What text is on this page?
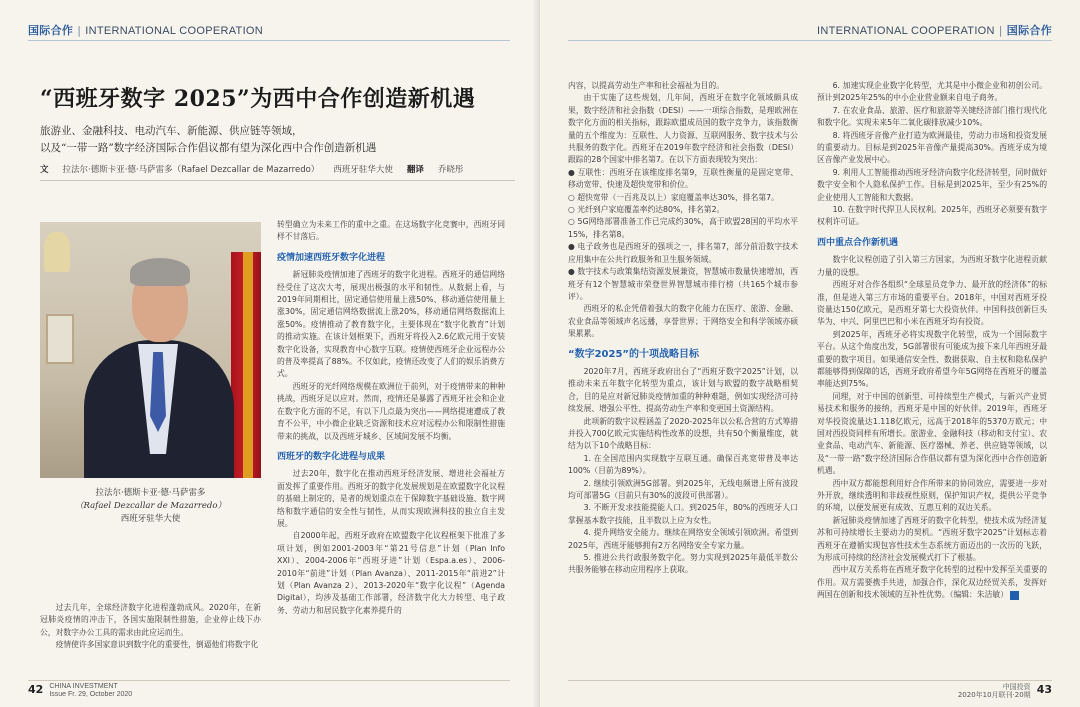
国际合作 | INTERNATIONAL COOPERATION
“西班牙数字 2025”为西中合作创造新机遇
旅游业、金融科技、电动汽车、新能源、供应链等领域，
以及“一带一路”数字经济国际合作倡议都有望为深化西中合作创造新机遇
文 拉法尔·德斯卡亚·德·马萨雷多（Rafael Dezcallar de Mazarredo） 西班牙驻华大使 翻译 乔晓彤
拉法尔·德斯卡亚·德·马萨雷多
（Rafael Dezcallar de Mazarredo）
西班牙驻华大使

过去几年，全球经济数字化进程蓬勃成风。2020年，在新冠肺炎疫情的冲击下，各国实施限制性措施，企业停止线下办公，对数字办公工具的需求由此应运而生。

疫情使许多国家意识到数字化的重要性，倒逼他们将数字化

转型确立为未来工作的重中之重。在这场数字化竞赛中，西班牙同样不甘落后。

疫情加速西班牙数字化进程

新冠肺炎疫情加速了西班牙的数字化进程。西班牙的通信网络经受住了这次大考，展现出极强的水平和韧性。从数据上看，与2019年同期相比，固定通信使用量上涨50%、移动通信使用量上涨30%，固定通信网络数据流上涨20%，移动通信网络数据流上涨50%。疫情推动了教育数字化，主要体现在“数字化教育”计划的推动实施。在该计划框架下，西班牙将投入2.6亿欧元用于安装数字化设备，实现教育中心数字互联。疫情使西班牙企业远程办公的普及率提高了88%。不仅如此，疫情还改变了人们的娱乐消费方式。

西班牙的光纤网络规模在欧洲位于前列，对于疫情带来的种种挑战，西班牙足以应对。然而，疫情还是暴露了西班牙社会和企业在数字化方面的不足，有以下几点最为突出——网络提速遭成了教育不公平，中小微企业缺乏资源和技术应对远程办公和限制性措施带来的挑战，以及西班牙城乡、区域间发展不均衡。

西班牙的数字化进程与成果

过去20年，数字化在推动西班牙经济发展、增进社会福祉方面发挥了重要作用。西班牙的数字化发展规划是在欧盟数字化议程的基础上制定的，是者的规划重点在于保障数字基础设施、数字网络和数字通信的安全性与韧性，从而实现欧洲科技的独立自主发展。

自2000年起，西班牙政府在欧盟数字化议程框架下批准了多项计划，例如2001-2003年“第21号信息”计划（Plan Info XXI）、2004-2006年“西班牙进”计划（Espa.a.es）、2006-2010年“前进”计划（Plan Avanza）、2011-2015年“前进2”计划（Plan Avanza 2）、2013-2020年“数字化议程”（Agenda Digital），均涉及基础工作部署，经济数字化大力转型、电子政务、劳动力和居民数字化素养提升的

42 CHINA INVESTMENT
Issue Fr. 29, October 2020
INTERNATIONAL COOPERATION | 国际合作

内容，以提高劳动生产率和社会福祉为目的。

由于实施了这些规划，几年间，西班牙在数字化领域颇具成果，数字经济和社会指数（DESI）——一项综合指数，是理欧洲在数字化方面的相关指标，跟踪欧盟成员国的数字竞争力，该指数衡量的五个维度为：互联性、人力资源、互联网服务、数字技术与公共服务的数字化。西班牙在2019年数字经济和社会指数（DESI）跟踪的28个国家中排名第7。在以下方面表现较为突出：

● 互联性：西班牙在该维度排名第9，互联性衡量的是固定宽带、移动宽带、快速及超快宽带和价位。

○ 超快宽带（一百兆及以上）家庭覆盖率达30%，排名第7。

○ 光纤到户家庭覆盖率约达80%，排名第2。

○ 5G网络部署准备工作已完成约30%，高于欧盟28国的平均水平15%，排名第8。

● 电子政务也是西班牙的强项之一，排名第7，部分前沿数字技术应用集中在公共行政服务和卫生服务领域。

● 数字技术与政策集结资源发展兼资，智慧城市数量快速增加，西班牙有12个智慧城市荣登世界智慧城市排行榜（共165个城市参评）。

西班牙的私企凭借着强大的数字化能力在医疗、旅游、金融、农业食品等领域声名远播，享誉世界；于网络安全和科学领域亦硕果累累。

“数字2025”的十项战略目标

2020年7月，西班牙政府出台了“西班牙数字2025”计划，以推动未来五年数字化转型为重点，该计划与欧盟的数字战略相契合，目的是应对新冠肺炎疫情加重的种种难题，例如实现经济可持续发展、增强公平性、提高劳动生产率和变更国土资源结构。

此项新的数字议程涵盖了2020-2025年以公私合营的方式筹措并投入700亿欧元实施结构性改革的设想，共有50个衡量维度，就结为以下10个战略目标：

1. 在全国范围内实现数字互联互通。确保百兆宽带普及率达100%（目前为89%）。

2. 继续引领欧洲5G部署。到2025年，无线电频谱上所有波段均可部署5G（目前只有30%的波段可供部署）。

3. 不断开发求技能提能人口。到2025年，80%的西班牙人口掌握基本数字技能，且半数以上应为女性。

4. 提升网络安全能力。继续在网络安全领域引领欧洲。希望到2025年，西班牙能够拥有2万名网络安全专家力量。

5. 推进公共行政服务数字化。努力实现到2025年最低半数公共服务能够在移动应用程序上获取。

6. 加速实现企业数字化转型，尤其是中小微企业和初创公司。预计到2025年25%的中小企业营业额来自电子商务。

7. 在农业食品、旅游、医疗和旅游等关键经济部门推行现代化和数字化。实现未来5年二氧化碳排放减少10%。

8. 将西班牙音像产业打造为欧洲最佳，劳动力市场和投资发展的重要动力。目标是到2025年音像产量提高30%。西班牙成为境区音像产业发展中心。

9. 利用人工智能推动西班牙经济向数字化经济转型，同时做好数字安全和个人隐私保护工作。目标是到2025年，至少有25%的企业使用人工智能和大数据。

10. 在数字时代捍卫人民权利。2025年，西班牙必须要有数字权利许可证。

西中重点合作新机遇

数字化议程创造了引入第三方国家，为西班牙数字化进程贡献力量的设想。

西班牙对合作各组织“全球星员竞争力、最开放的经济体”的标准，但是进入第三方市场的重要平台。2018年，中国对西班牙投资量达150亿欧元，是西班牙第七大投资伙伴。中国科技创新巨头华为、中兴、阿里巴巴和小米在西班牙均有投资。

到2025年，西班牙必将实现数字化转型，成为一个国际数字平台。从这个角度出发，5G部署很有可能成为接下来几年西班牙最重要的数字项目。如果通信安全性、数据获取、自主权和隐私保护都能够得到保障的话，西班牙政府希望今年5G网络在西班牙的覆盖率能达到75%。

同理，对于中国的创新型、可持续型生产模式，与新兴产业贸易技术和服务的接纳，西班牙是中国的好伙伴。2019年，西班牙对华投资流量达1.118亿欧元，远高于2018年的5370万欧元；中国对西投资同样有所增长。旅游业、金融科技（移动和支付宝）、农业食品、电动汽车、新能源、医疗器械、养老、供应链等领域，以及“一带一路”数字经济国际合作倡议都有望为深化西中合作创造新机遇。

西中双方都能想利用好合作所带来的协同效应，需要进一步对外开放，继续透明和非歧视性原则，保护知识产权，提供公平竞争的环境，以便发展更有成效、互惠互利的双边关系。

新冠肺炎疫情加速了西班牙的数字化转型，使技术成为经济复苏和可持续增长主要动力的契机。“西班牙数字2025”计划标志着西班牙在遵循实现包容性技术生态系统方面迈出的一次历的飞跃，为形成可持续的经济社会发展模式打下了根基。

西中双方关系将在西班牙数字化转型的过程中发挥至关重要的作用。双方需要携手共进，加强合作，深化双边经贸关系，发挥好两国在创新和技术领域的互补性优势。（编辑：朱洁敏）

中国投资
2020年10月联刊·20期 43
